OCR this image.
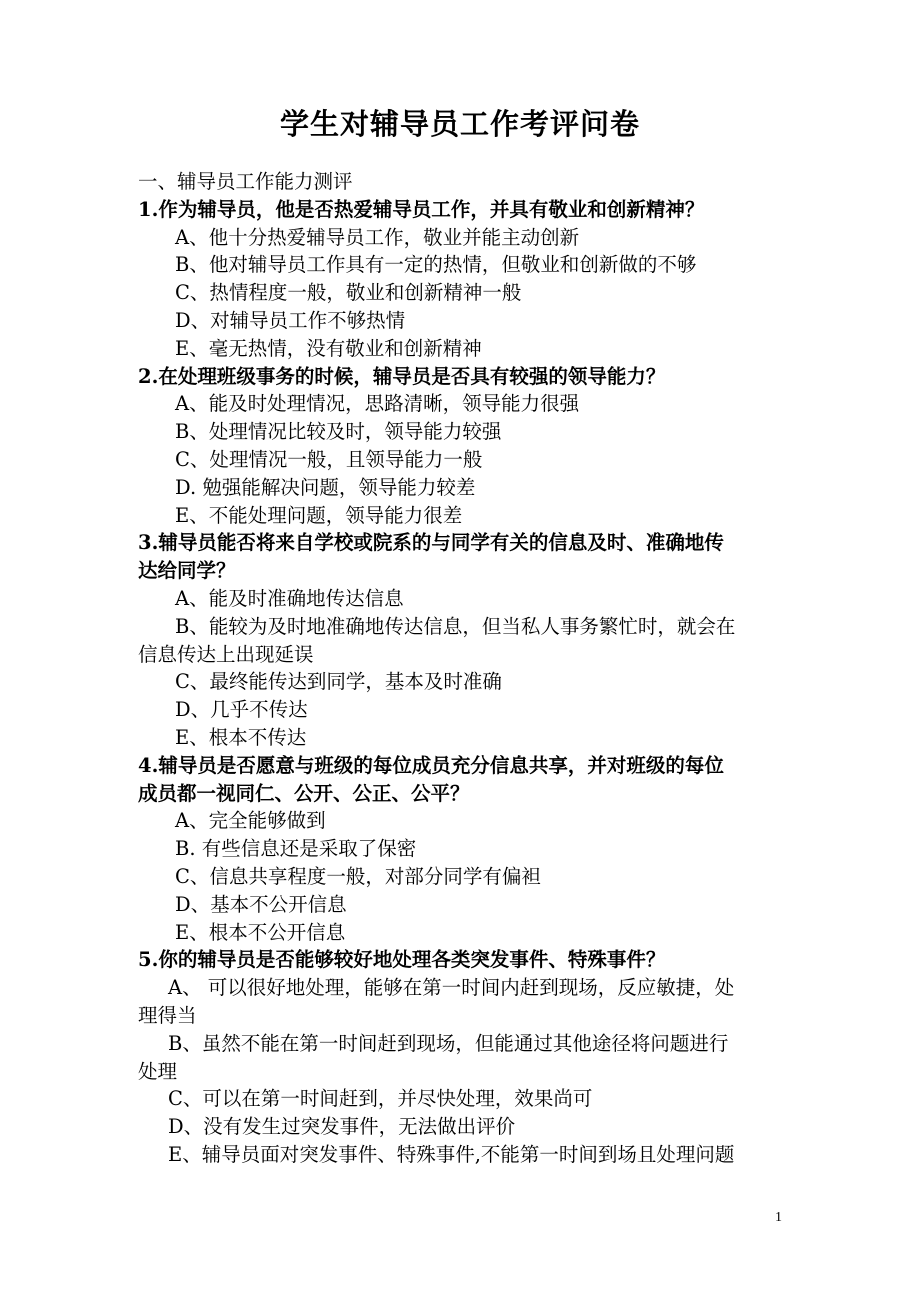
学生对辅导员工作考评问卷
一、辅导员工作能力测评
1.作为辅导员，他是否热爱辅导员工作，并具有敬业和创新精神？
A、他十分热爱辅导员工作，敬业并能主动创新
B、他对辅导员工作具有一定的热情，但敬业和创新做的不够
C、热情程度一般，敬业和创新精神一般
D、对辅导员工作不够热情
E、毫无热情，没有敬业和创新精神
2.在处理班级事务的时候，辅导员是否具有较强的领导能力？
A、能及时处理情况，思路清晰，领导能力很强
B、处理情况比较及时，领导能力较强
C、处理情况一般，且领导能力一般
D. 勉强能解决问题，领导能力较差
E、不能处理问题，领导能力很差
3.辅导员能否将来自学校或院系的与同学有关的信息及时、准确地传
达给同学？
A、能及时准确地传达信息
B、能较为及时地准确地传达信息，但当私人事务繁忙时，就会在
信息传达上出现延误
C、最终能传达到同学，基本及时准确
D、几乎不传达
E、根本不传达
4.辅导员是否愿意与班级的每位成员充分信息共享，并对班级的每位
成员都一视同仁、公开、公正、公平？
A、完全能够做到
B. 有些信息还是采取了保密
C、信息共享程度一般，对部分同学有偏袒
D、基本不公开信息
E、根本不公开信息
5.你的辅导员是否能够较好地处理各类突发事件、特殊事件？
A、 可以很好地处理，能够在第一时间内赶到现场，反应敏捷，处
理得当
B、虽然不能在第一时间赶到现场，但能通过其他途径将问题进行
处理
C、可以在第一时间赶到，并尽快处理，效果尚可
D、没有发生过突发事件，无法做出评价
E、辅导员面对突发事件、特殊事件,不能第一时间到场且处理问题
1
